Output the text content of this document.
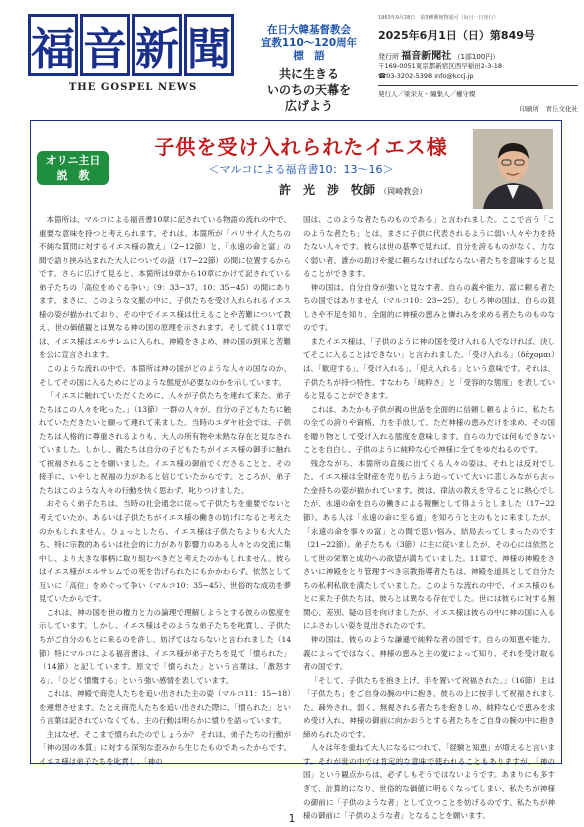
福 音 新 聞
THE GOSPEL NEWS
在日大韓基督教会
宣教110〜120周年
標　語
共に生きる
いのちの天幕を
広げよう
1963年9月28日　第3種郵便物認可（毎月一日発行）
2025年6月1日（日）第849号
発行所 福音新聞社 （1部100円）
〒169-0051東京都新宿区西早稲田2-3-18
☎03-3202-5398 info@kccj.jp
発行人／梁栄友・編集人／權守燦
印刷所　青丘文化社
オリニ主日
説　教
子供を受け入れられたイエス様
＜マルコによる福音書10：13〜16＞
許　光　涉　牧師 （岡崎教会）

本箇所は、マルコによる福音書10章に記されている物語の流れの中で、重要な意味を持つと考えられます。それは、本箇所が「パリサイ人たちの不純な質問に対するイエス様の教え」（2−12節）と、「永遠の命と富」の間で語り挟み込まれた大人についての話（17−22節）の間に位置するからです。さらに広げて見ると、本箇所は9章から10章にかけて記されている弟子たちの「高位をめぐる争い」（9：33−37、10：35−45）の間にあります。まさに、このような文脈の中に、子供たちを受け入れられるイエス様の姿が描かれており、その中でイエス様は仕えることや苦難について教え、世の価値観とは異なる神の国の原理を示されます。そして続く11章では、イエス様はエルサレムに入られ、神殿をきよめ、神の国の到来と苦難を公に宣言されます。

このような流れの中で、本箇所は神の国がどのような人々の国なのか、そしてその国に入るためにどのような態度が必要なのかを示しています。

「イエスに触れていただくために、人々が子供たちを連れて来た。弟子たちはこの人々を叱った。」（13節）一群の人々が、自分の子どもたちに触れていただきたいと願って連れて来ました。当時のユダヤ社会では、子供たちは人格的に尊重されるよりも、大人の所有物や未熟な存在と見なされていました。しかし、親たちは自分の子どもたちがイエス様の御手に触れて祝福されることを願いました。イエス様の御前でくださることと、その接手に、いやしと祝福の力があると信じていたからです。ところが、弟子たちはこのような人々の行動を快く思わず、叱りつけました。

おそらく弟子たちは、当時の社会通念に従って子供たちを重要でないと考えていたか、あるいは子供たちがイエス様の働きの妨げになると考えたのかもしれません。ひょっとしたら、イエス様は子供たちよりも大人たち、特に宗教的あるいは社会的に力があり影響力のある人々との交流に集中し、より大きな事柄に取り組むべきだと考えたのかもしれません。彼らはイエス様がエルサレムでの死を告げられたにもかかわらず、依然として互いに「高位」をめぐって争い（マルコ10：35−45）、世俗的な成功を夢見ていたからです。

これは、神の国を世の権力と力の論理で理解しようとする彼らの態度を示しています。しかし、イエス様はそのような弟子たちを叱責し、子供たちがご自分のもとに来るのを許し、妨げてはならないと言われました（14節）特にマルコによる福音書は、イエス様が弟子たちを見て「憤られた」（14節）と記しています。原文で「憤られた」という言葉は、「激怒する」、「ひどく憤慨する」という強い感情を表しています。

これは、神殿で商売人たちを追い出された主の姿（マルコ11：15−18）を連想させます。たとえ商売人たちを追い出された際に、「憤られた」という言葉は記されていなくても、主の行動は明らかに憤りを語っています。

主はなぜ、そこまで憤られたのでしょうか？ それは、弟子たちの行動が「神の国の本質」に対する深刻な歪みから生じたものであったからです。イエス様は弟子たちを叱責し、「神の

国は、このような者たちのものである」と言われました。ここで言う「このような者たち」とは、まさに子供に代表されるように弱い人々や力を持たない人々です。彼らは世の基準で見れば、自分を誇るものがなく、力なく弱い者、誰かの助けや愛に頼らなければならない者たちを意味すると見ることができます。

神の国は、自分自身が強いと見なす者、自らの義や能力、富に頼る者たちの国ではありません（マルコ10：23−25）。むしろ神の国は、自らの貧しさや不足を知り、全面的に神様の恵みと憐れみを求める者たちのものなのです。

またイエス様は、「子供のように神の国を受け入れる人でなければ、決してそこに入ることはできない」と言われました。「受け入れる」（δέχομαι）は、「歓迎する」、「受け入れる」、「迎え入れる」という意味です。それは、子供たちが持つ特性、すなわち「純粋さ」と「受容的な態度」を表していると見ることができます。

これは、あたかも子供が親の世話を全面的に信頼し頼るように、私たちの全ての誇りや資格、力を手放して、ただ神様の恵みだけを求め、その国を贈り物として受け入れる態度を意味します。自らの力では何もできないことを自白し、子供のように純粋な心で神様に全てをゆだねるのです。

残念ながら、本箇所の直後に出てくる人々の姿は、それとは反対でした。イエス様は全財産を売り払うよう迫っていて大いに悲しみながら去った金持ちの姿が描かれています。彼は、律法の教えを守ることに熱心でしたが、永遠の命を自らの働きによる報酬として得ようとしました（17−22節）。ある人は「永遠の命に至る道」を知ろうと主のもとに来ましたが、「永遠の命を事々の富」との間で思い悩み、結局去ってしまったのです（21−22節）。弟子たちも（3節）に主に従いましたが、その心には依然として世の栄華と成功への欲望が満ちていました。11章で、神様の神殿をささいに神殿をとり管理すべき宗教指導者たちは、神殿を道具として自分たちの私利私欲を満たしていました。このような流れの中で、イエス様のもとに来た子供たちは、彼らとは異なる存在でした。世には彼らに対する無関心、差別、疑の目を向けましたが、イエス様は彼らの中に神の国に入るにふさわしい姿を見出されたのです。

神の国は、彼らのような謙遜で純粋な者の国です。自らの知恵や能力、義によってではなく、神様の恵みと主の愛によって知り、それを受け取る者の国です。

「そして、子供たちを抱き上げ、手を置いて祝福された。」（16節）主は「子供たち」をご自身の腕の中に抱き、彼らの上に按手して祝福されました。疎外され、弱く、無視される者たちを抱きしめ、純粋な心で恵みを求め受け入れ、神様の御前に向かおうとする者たちをご自身の腕の中に抱き締められたのです。

人々は年を重ねて大人になるにつれて、「経験と知恵」が増えると言います。それが世の中では肯定的な意味で使われることもありますが、「神の国」という観点からは、必ずしもそうではないようです。あまりにも多すぎて、計算的になり、世俗的な価値に明るくなってしまい、私たちが神様の御前に「子供のような者」として立つことを妨げるのです。私たちが神様の御前に「子供のような者」となることを願います。

1
